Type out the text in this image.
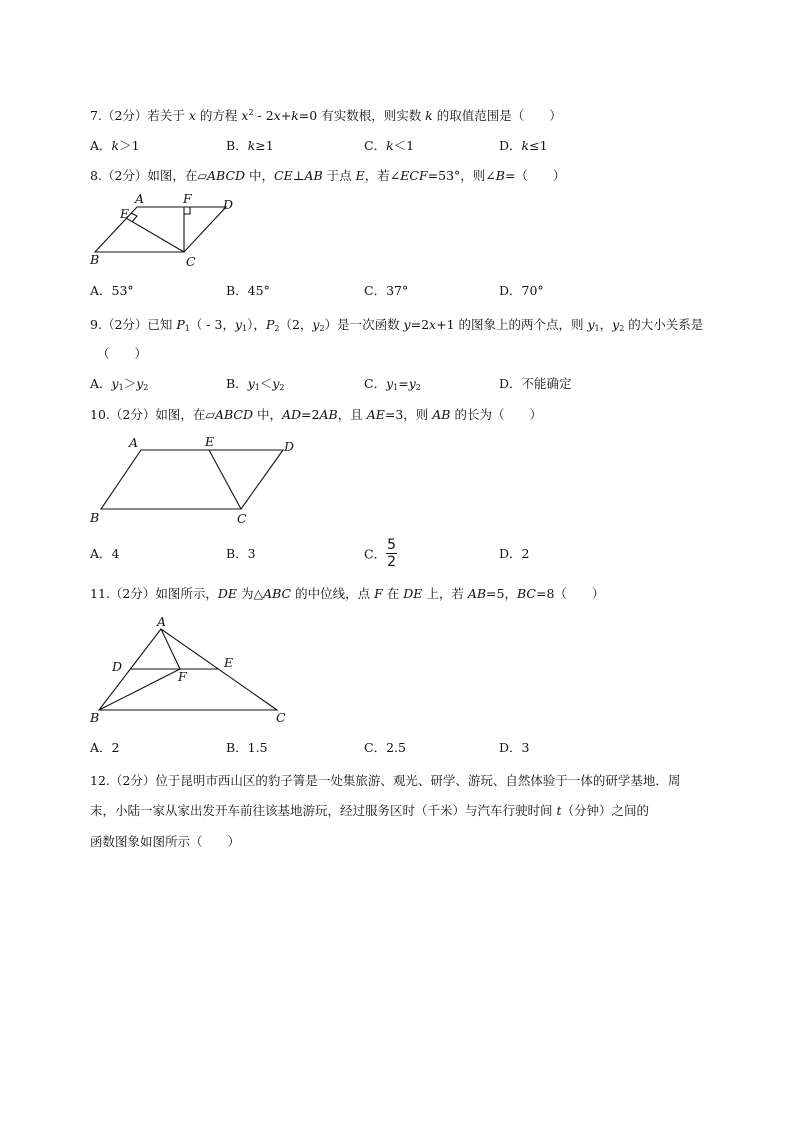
7.（2分）若关于 x 的方程 $x^2 - 2x+k=0$ 有实数根，则实数 k 的取值范围是（　　）
A．k＞1	B．k≥1	C．k＜1	D．k≤1
8.（2分）如图，在▱ABCD 中，CE⊥AB 于点 E，若∠ECF=53°，则∠B=（　　）
A	F	D
E
B	C
A．53°	B．45°	C．37°	D．70°
9.（2分）已知 $P_1( - 3$，$y_1$），$P_2(2$，$y_2$）是一次函数 y=2x+1 的图象上的两个点，则 $y_1$，$y_2$ 的大小关系是
（　　）
A．$y_1>y_2$	B．$y_1<y_2$	C．$y_1=y_2$	D．不能确定
10.（2分）如图，在▱ABCD 中，AD=2AB，且 AE=3，则 AB 的长为（　　）
A	E	D
B	C
A．4	B．3	C． $\frac{5}{2}$	D．2
11.（2分）如图所示，DE 为△ABC 的中位线，点 F 在 DE 上，若 AB=5，BC=8（　　）
A
D	E
F
B	C
A．2	B．1.5	C．2.5	D．3
12.（2分）位于昆明市西山区的豹子箐是一处集旅游、观光、研学、游玩、自然体验于一体的研学基地．周
末，小陆一家从家出发开车前往该基地游玩，经过服务区时（千米）与汽车行驶时间 t（分钟）之间的
函数图象如图所示（　　）
